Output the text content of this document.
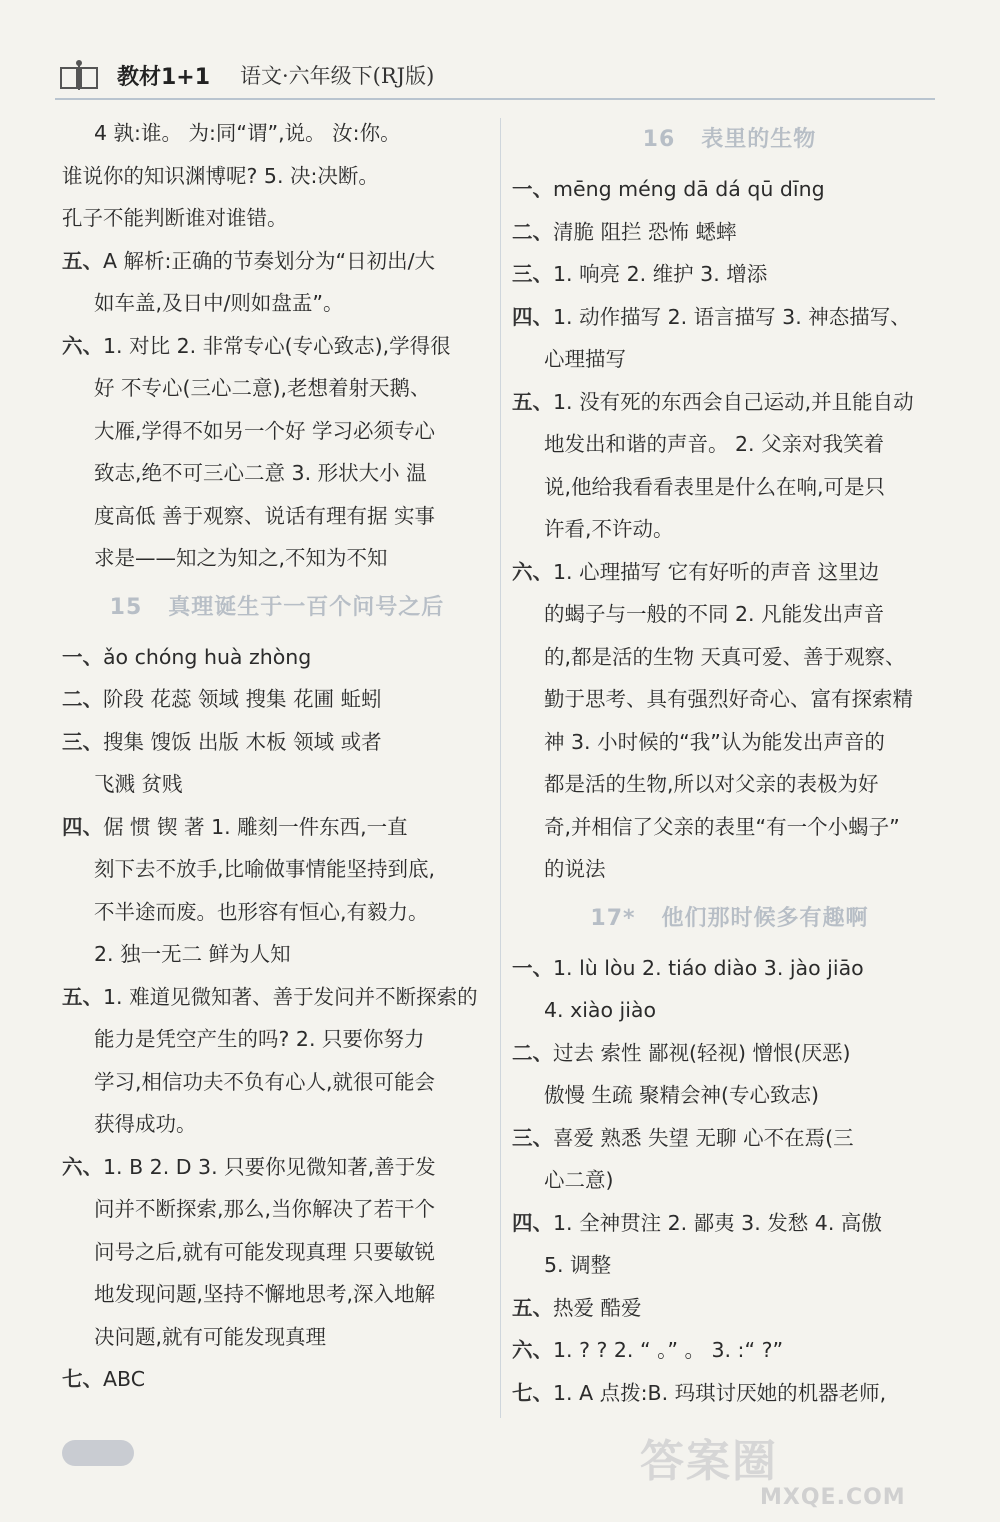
教材1+1 语文·六年级下(RJ版)
4 孰:谁。 为:同“谓”,说。 汝:你。
谁说你的知识渊博呢? 5. 决:决断。
孔子不能判断谁对谁错。
五、A 解析:正确的节奏划分为“日初出/大
如车盖,及日中/则如盘盂”。
六、1. 对比 2. 非常专心(专心致志),学得很
好 不专心(三心二意),老想着射天鹅、
大雁,学得不如另一个好 学习必须专心
致志,绝不可三心二意 3. 形状大小 温
度高低 善于观察、说话有理有据 实事
求是——知之为知之,不知为不知
15 真理诞生于一百个问号之后
一、ǎo chóng huà zhòng
二、阶段 花蕊 领域 搜集 花圃 蚯蚓
三、搜集 馊饭 出版 木板 领域 或者
飞溅 贫贱
四、倨 惯 锲 著 1. 雕刻一件东西,一直
刻下去不放手,比喻做事情能坚持到底,
不半途而废。也形容有恒心,有毅力。
2. 独一无二 鲜为人知
五、1. 难道见微知著、善于发问并不断探索的
能力是凭空产生的吗? 2. 只要你努力
学习,相信功夫不负有心人,就很可能会
获得成功。
六、1. B 2. D 3. 只要你见微知著,善于发
问并不断探索,那么,当你解决了若干个
问号之后,就有可能发现真理 只要敏锐
地发现问题,坚持不懈地思考,深入地解
决问题,就有可能发现真理
七、ABC
16 表里的生物
一、mēng méng dā dá qū dīng
二、清脆 阻拦 恐怖 蟋蟀
三、1. 响亮 2. 维护 3. 增添
四、1. 动作描写 2. 语言描写 3. 神态描写、
心理描写
五、1. 没有死的东西会自己运动,并且能自动
地发出和谐的声音。 2. 父亲对我笑着
说,他给我看看表里是什么在响,可是只
许看,不许动。
六、1. 心理描写 它有好听的声音 这里边
的蝎子与一般的不同 2. 凡能发出声音
的,都是活的生物 天真可爱、善于观察、
勤于思考、具有强烈好奇心、富有探索精
神 3. 小时候的“我”认为能发出声音的
都是活的生物,所以对父亲的表极为好
奇,并相信了父亲的表里“有一个小蝎子”
的说法
17* 他们那时候多有趣啊
一、1. lù lòu 2. tiáo diào 3. jào jiāo
4. xiào jiào
二、过去 索性 鄙视(轻视) 憎恨(厌恶)
傲慢 生疏 聚精会神(专心致志)
三、喜爱 熟悉 失望 无聊 心不在焉(三
心二意)
四、1. 全神贯注 2. 鄙夷 3. 发愁 4. 高傲
5. 调整
五、热爱 酷爱
六、1. ? ? 2. “ 。” 。 3. :“ ?”
七、1. A 点拨:B. 玛琪讨厌她的机器老师,
答案圈
MXQE.COM
